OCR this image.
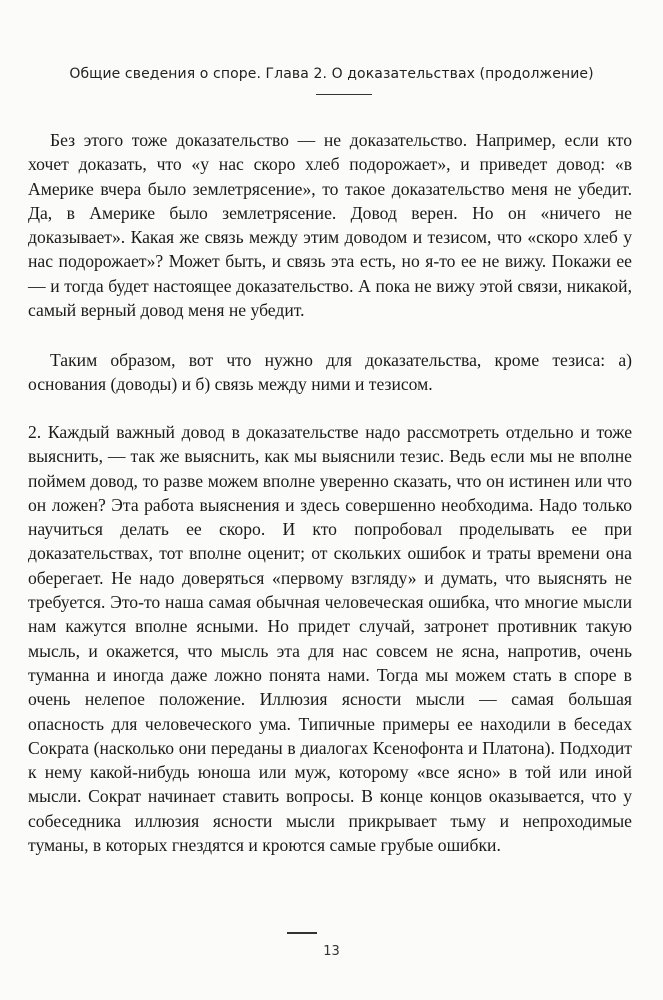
Общие сведения о споре. Глава 2. О доказательствах (продолжение)

Без этого тоже доказательство — не доказательство. Например, если кто хочет доказать, что «у нас скоро хлеб подорожает», и приведет довод: «в Америке вчера было землетрясение», то такое доказательство меня не убедит. Да, в Америке было землетрясение. Довод верен. Но он «ничего не доказывает». Какая же связь между этим доводом и тезисом, что «скоро хлеб у нас подорожает»? Может быть, и связь эта есть, но я-то ее не вижу. Покажи ее — и тогда будет настоящее доказательство. А пока не вижу этой связи, никакой, самый верный довод меня не убедит.

Таким образом, вот что нужно для доказательства, кроме тезиса: а) основания (доводы) и б) связь между ними и тезисом.

2. Каждый важный довод в доказательстве надо рассмотреть отдельно и тоже выяснить, — так же выяснить, как мы выяснили тезис. Ведь если мы не вполне поймем довод, то разве можем вполне уверенно сказать, что он истинен или что он ложен? Эта работа выяснения и здесь совершенно необходима. Надо только научиться делать ее скоро. И кто попробовал проделывать ее при доказательствах, тот вполне оценит; от скольких ошибок и траты времени она оберегает. Не надо доверяться «первому взгляду» и думать, что выяснять не требуется. Это-то наша самая обычная человеческая ошибка, что многие мысли нам кажутся вполне ясными. Но придет случай, затронет противник такую мысль, и окажется, что мысль эта для нас совсем не ясна, напротив, очень туманна и иногда даже ложно понята нами. Тогда мы можем стать в споре в очень нелепое положение. Иллюзия ясности мысли — самая большая опасность для человеческого ума. Типичные примеры ее находили в беседах Сократа (насколько они переданы в диалогах Ксенофонта и Платона). Подходит к нему какой-нибудь юноша или муж, которому «все ясно» в той или иной мысли. Сократ начинает ставить вопросы. В конце концов оказывается, что у собеседника иллюзия ясности мысли прикрывает тьму и непроходимые туманы, в которых гнездятся и кроются самые грубые ошибки.

13
